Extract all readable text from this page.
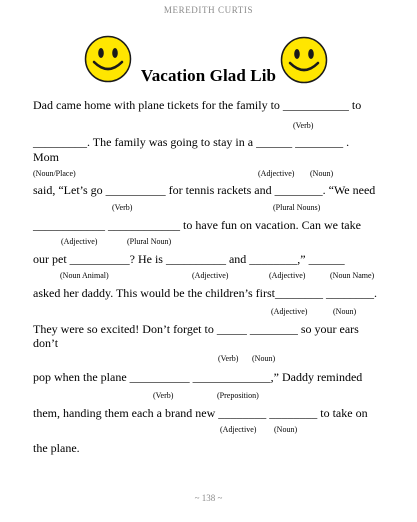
MEREDITH CURTIS
Vacation Glad Lib
Dad came home with plane tickets for the family to ___________ to
(Verb)
_________. The family was going to stay in a ______ ________ .
Mom
(Noun/Place)	(Adjective) (Noun)
said, “Let’s go __________ for tennis rackets and ________. “We need
(Verb)	(Plural Nouns)
____________ ____________ to have fun on vacation. Can we take
(Adjective)	(Plural Noun)
our pet __________? He is __________ and ________,” ______
(Noun Animal)	(Adjective)	(Adjective)	(Noun Name)
asked her daddy. This would be the children’s first________ ________.
(Adjective)	(Noun)
They were so excited! Don’t forget to _____ ________ so your ears
don’t
(Verb) (Noun)
pop when the plane __________ _____________,” Daddy reminded
(Verb)	(Preposition)
them, handing them each a brand new ________ ________ to take on
(Adjective) (Noun)
the plane.
~ 138 ~
